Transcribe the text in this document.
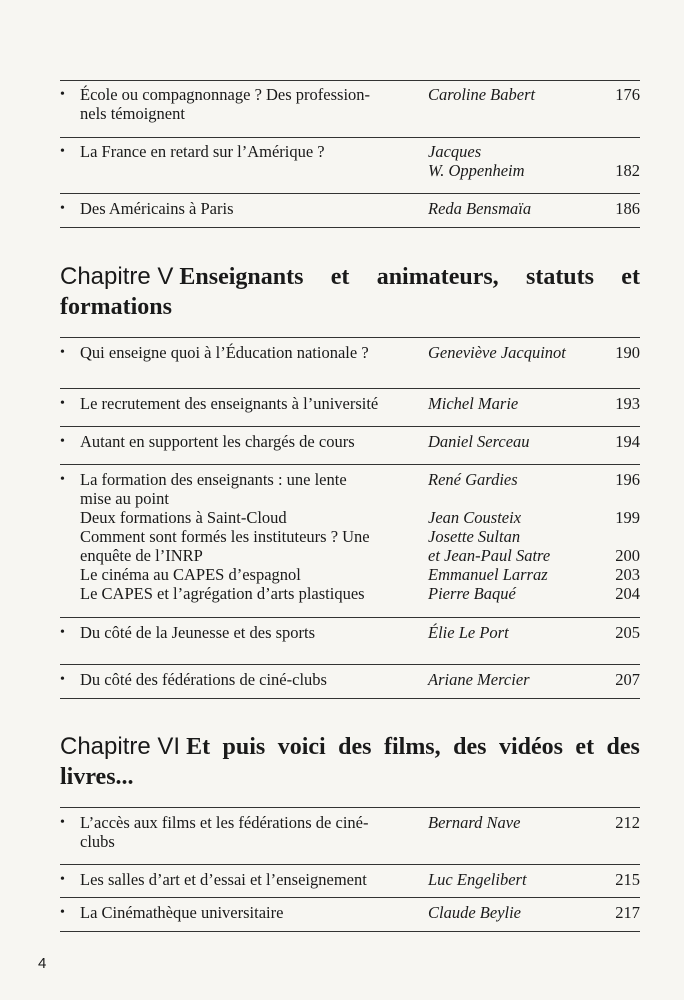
• École ou compagnonnage ? Des profession-
nels témoignent
Caroline Babert	176
• La France en retard sur l’Amérique ?	Jacques
W. Oppenheim	182
• Des Américains à Paris	Reda Bensmaïa	186
Chapitre V Enseignants et animateurs, statuts et
formations
• Qui enseigne quoi à l’Éducation nationale ?	Geneviève Jacquinot	190
• Le recrutement des enseignants à l’université	Michel Marie	193
• Autant en supportent les chargés de cours	Daniel Serceau	194
• La formation des enseignants : une lente
mise au point
René Gardies	196
Deux formations à Saint-Cloud	Jean Cousteix	199
Comment sont formés les instituteurs ? Une	Josette Sultan
enquête de l’INRP	et Jean-Paul Satre	200
Le cinéma au CAPES d’espagnol	Emmanuel Larraz	203
Le CAPES et l’agrégation d’arts plastiques	Pierre Baqué	204
• Du côté de la Jeunesse et des sports	Élie Le Port	205
• Du côté des fédérations de ciné-clubs	Ariane Mercier	207
Chapitre VI Et puis voici des films, des vidéos et des
livres...
• L’accès aux films et les fédérations de ciné-
clubs
Bernard Nave	212
• Les salles d’art et d’essai et l’enseignement	Luc Engelibert	215
• La Cinémathèque universitaire	Claude Beylie	217
4
